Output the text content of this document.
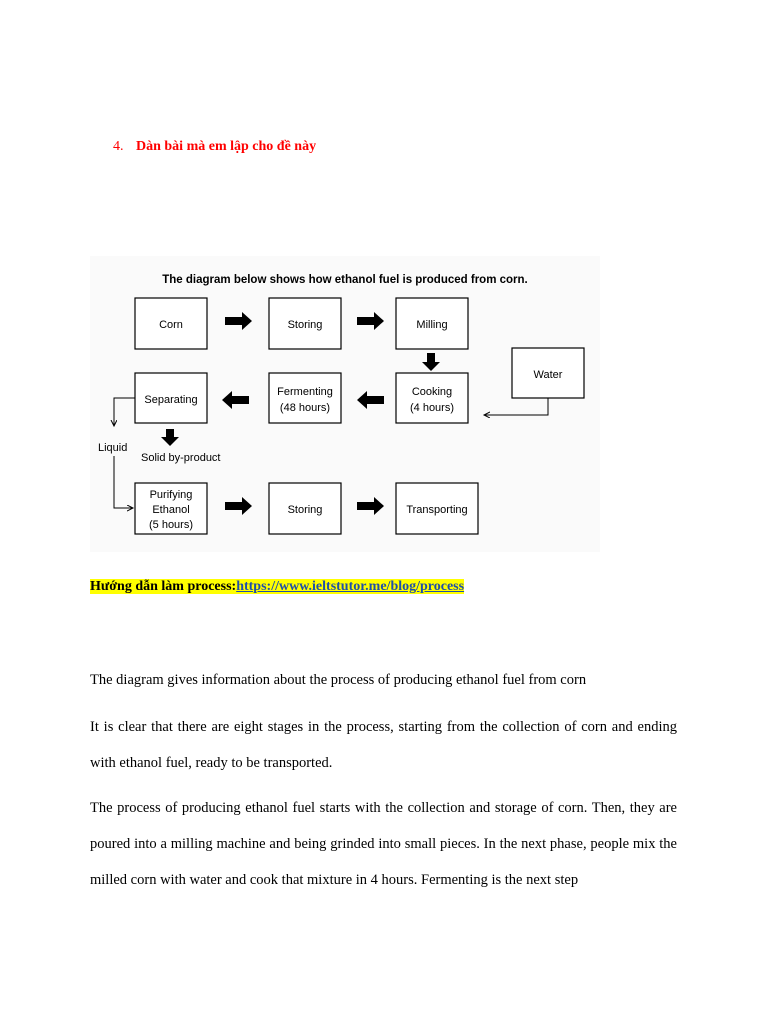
4. Dàn bài mà em lập cho đề này
The diagram below shows how ethanol fuel is produced from corn.
Corn	Storing	Milling
Water
Cooking
(4 hours)
Fermenting
(48 hours)
Separating
Purifying
Ethanol
(5 hours)
Storing	Transporting
Liquid
Solid by-product
Hướng dẫn làm process:https://www.ieltstutor.me/blog/process

The diagram gives information about the process of producing ethanol fuel from corn

It is clear that there are eight stages in the process, starting from the collection of corn and ending with ethanol fuel, ready to be transported.

The process of producing ethanol fuel starts with the collection and storage of corn. Then, they are poured into a milling machine and being grinded into small pieces. In the next phase, people mix the milled corn with water and cook that mixture in 4 hours. Fermenting is the next step
